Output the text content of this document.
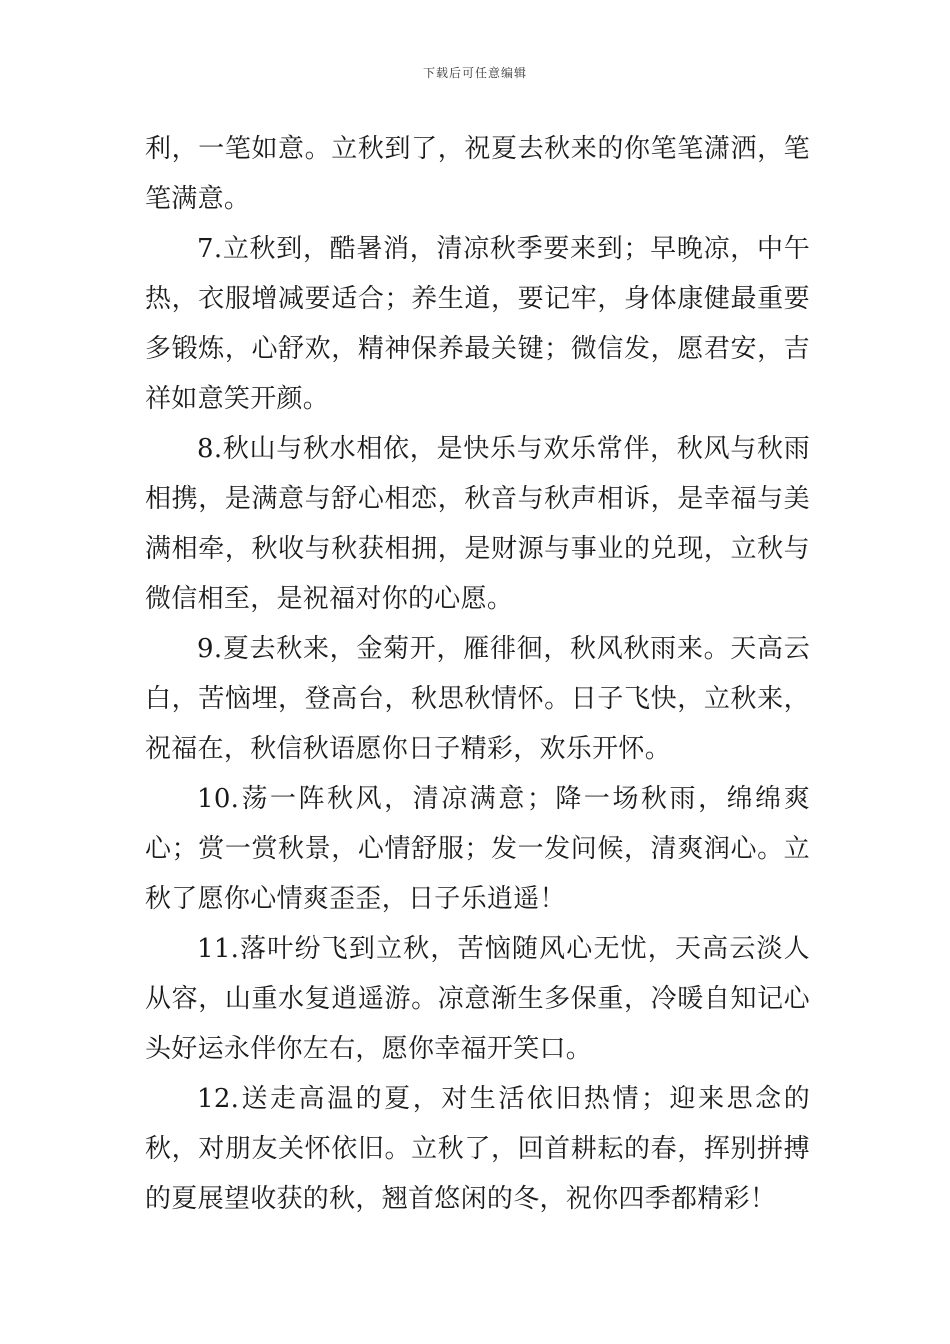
下载后可任意编辑

利，一笔如意。立秋到了，祝夏去秋来的你笔笔潇洒，笔笔满意。

7.立秋到，酷暑消，清凉秋季要来到；早晚凉，中午热，衣服增减要适合；养生道，要记牢，身体康健最重要多锻炼，心舒欢，精神保养最关键；微信发，愿君安，吉祥如意笑开颜。

8.秋山与秋水相依，是快乐与欢乐常伴，秋风与秋雨相携，是满意与舒心相恋，秋音与秋声相诉，是幸福与美满相牵，秋收与秋获相拥，是财源与事业的兑现，立秋与微信相至，是祝福对你的心愿。

9.夏去秋来，金菊开，雁徘徊，秋风秋雨来。天高云白，苦恼埋，登高台，秋思秋情怀。日子飞快，立秋来，祝福在，秋信秋语愿你日子精彩，欢乐开怀。

10.荡一阵秋风，清凉满意；降一场秋雨，绵绵爽心；赏一赏秋景，心情舒服；发一发问候，清爽润心。立秋了愿你心情爽歪歪，日子乐逍遥！

11.落叶纷飞到立秋，苦恼随风心无忧，天高云淡人从容，山重水复逍遥游。凉意渐生多保重，冷暖自知记心头好运永伴你左右，愿你幸福开笑口。

12.送走高温的夏，对生活依旧热情；迎来思念的秋，对朋友关怀依旧。立秋了，回首耕耘的春，挥别拼搏的夏展望收获的秋，翘首悠闲的冬，祝你四季都精彩！
